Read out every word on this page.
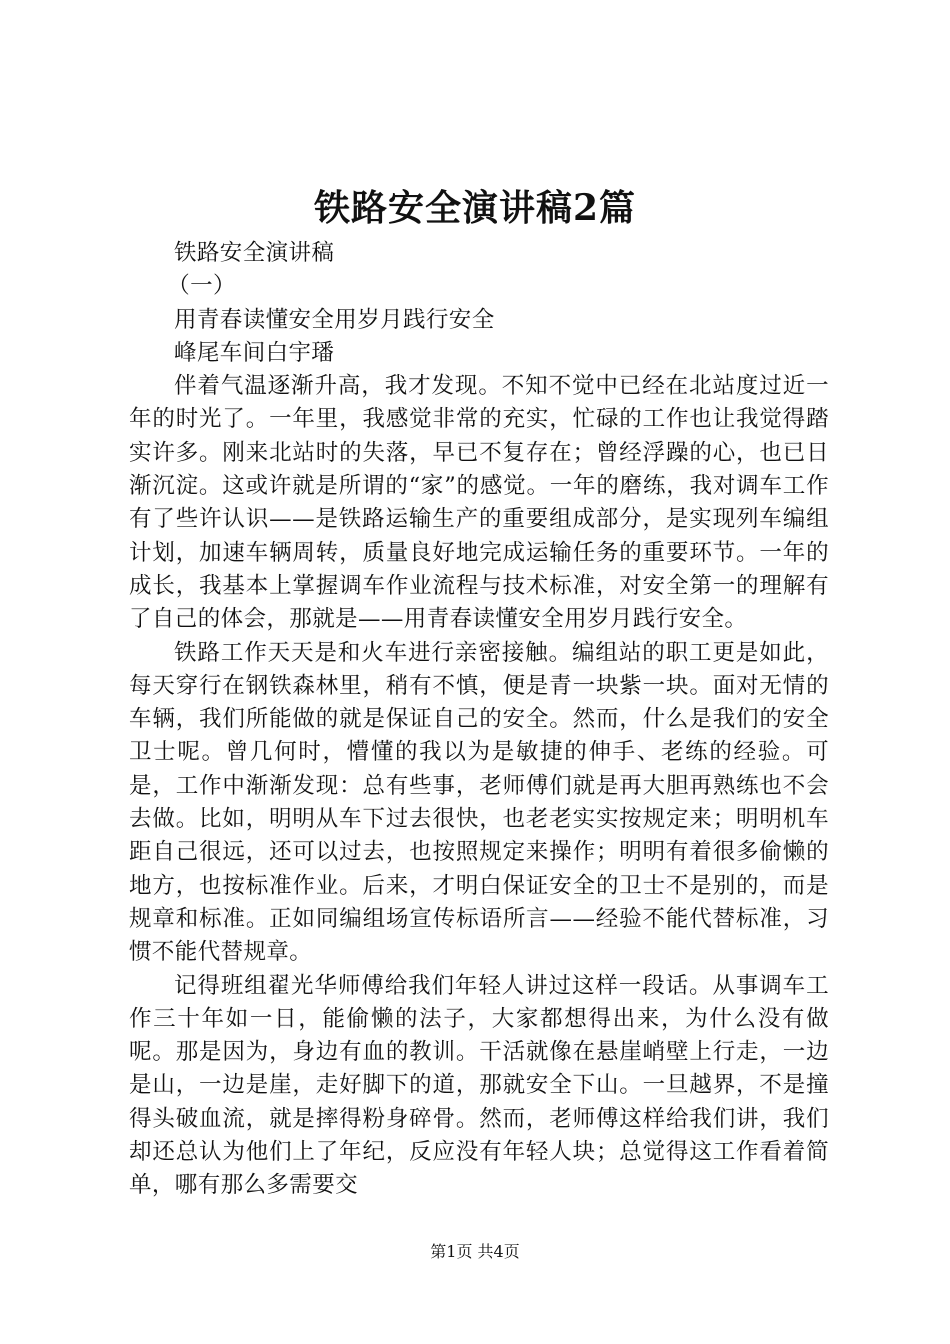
铁路安全演讲稿2篇

铁路安全演讲稿

（一）

用青春读懂安全用岁月践行安全

峰尾车间白宇璠

伴着气温逐渐升高，我才发现。不知不觉中已经在北站度过近一年的时光了。一年里，我感觉非常的充实，忙碌的工作也让我觉得踏实许多。刚来北站时的失落，早已不复存在；曾经浮躁的心，也已日渐沉淀。这或许就是所谓的“家”的感觉。一年的磨练，我对调车工作有了些许认识——是铁路运输生产的重要组成部分，是实现列车编组计划，加速车辆周转，质量良好地完成运输任务的重要环节。一年的成长，我基本上掌握调车作业流程与技术标准，对安全第一的理解有了自己的体会，那就是——用青春读懂安全用岁月践行安全。

铁路工作天天是和火车进行亲密接触。编组站的职工更是如此，每天穿行在钢铁森林里，稍有不慎，便是青一块紫一块。面对无情的车辆，我们所能做的就是保证自己的安全。然而，什么是我们的安全卫士呢。曾几何时，懵懂的我以为是敏捷的伸手、老练的经验。可是，工作中渐渐发现：总有些事，老师傅们就是再大胆再熟练也不会去做。比如，明明从车下过去很快，也老老实实按规定来；明明机车距自己很远，还可以过去，也按照规定来操作；明明有着很多偷懒的地方，也按标准作业。后来，才明白保证安全的卫士不是别的，而是规章和标准。正如同编组场宣传标语所言——经验不能代替标准，习惯不能代替规章。

记得班组翟光华师傅给我们年轻人讲过这样一段话。从事调车工作三十年如一日，能偷懒的法子，大家都想得出来，为什么没有做呢。那是因为，身边有血的教训。干活就像在悬崖峭壁上行走，一边是山，一边是崖，走好脚下的道，那就安全下山。一旦越界，不是撞得头破血流，就是摔得粉身碎骨。然而，老师傅这样给我们讲，我们却还总认为他们上了年纪，反应没有年轻人块；总觉得这工作看着简单，哪有那么多需要交

第1页 共4页
